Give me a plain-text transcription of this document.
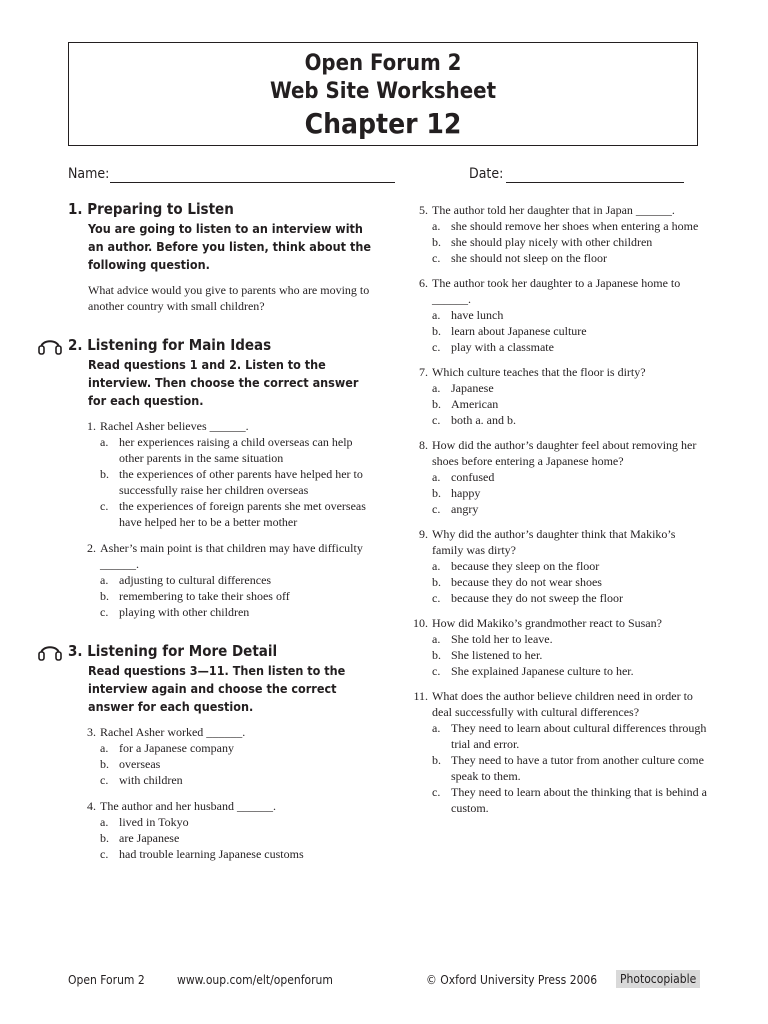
Open Forum 2
Web Site Worksheet
Chapter 12
Name:	Date:
1. Preparing to Listen
You are going to listen to an interview with an author. Before you listen, think about the following question.
What advice would you give to parents who are moving to another country with small children?
2. Listening for Main Ideas
Read questions 1 and 2. Listen to the interview. Then choose the correct answer for each question.
1. Rachel Asher believes ______.
a. her experiences raising a child overseas can help other parents in the same situation
b. the experiences of other parents have helped her to successfully raise her children overseas
c. the experiences of foreign parents she met overseas have helped her to be a better mother
2. Asher’s main point is that children may have difficulty ______.
a. adjusting to cultural differences
b. remembering to take their shoes off
c. playing with other children
3. Listening for More Detail
Read questions 3—11. Then listen to the interview again and choose the correct answer for each question.
3. Rachel Asher worked ______.
a. for a Japanese company
b. overseas
c. with children
4. The author and her husband ______.
a. lived in Tokyo
b. are Japanese
c. had trouble learning Japanese customs
5. The author told her daughter that in Japan ______.
a. she should remove her shoes when entering a home
b. she should play nicely with other children
c. she should not sleep on the floor
6. The author took her daughter to a Japanese home to ______.
a. have lunch
b. learn about Japanese culture
c. play with a classmate
7. Which culture teaches that the floor is dirty?
a. Japanese
b. American
c. both a. and b.
8. How did the author’s daughter feel about removing her shoes before entering a Japanese home?
a. confused
b. happy
c. angry
9. Why did the author’s daughter think that Makiko’s family was dirty?
a. because they sleep on the floor
b. because they do not wear shoes
c. because they do not sweep the floor
10. How did Makiko’s grandmother react to Susan?
a. She told her to leave.
b. She listened to her.
c. She explained Japanese culture to her.
11. What does the author believe children need in order to deal successfully with cultural differences?
a. They need to learn about cultural differences through trial and error.
b. They need to have a tutor from another culture come speak to them.
c. They need to learn about the thinking that is behind a custom.
Open Forum 2	www.oup.com/elt/openforum	© Oxford University Press 2006	Photocopiable
